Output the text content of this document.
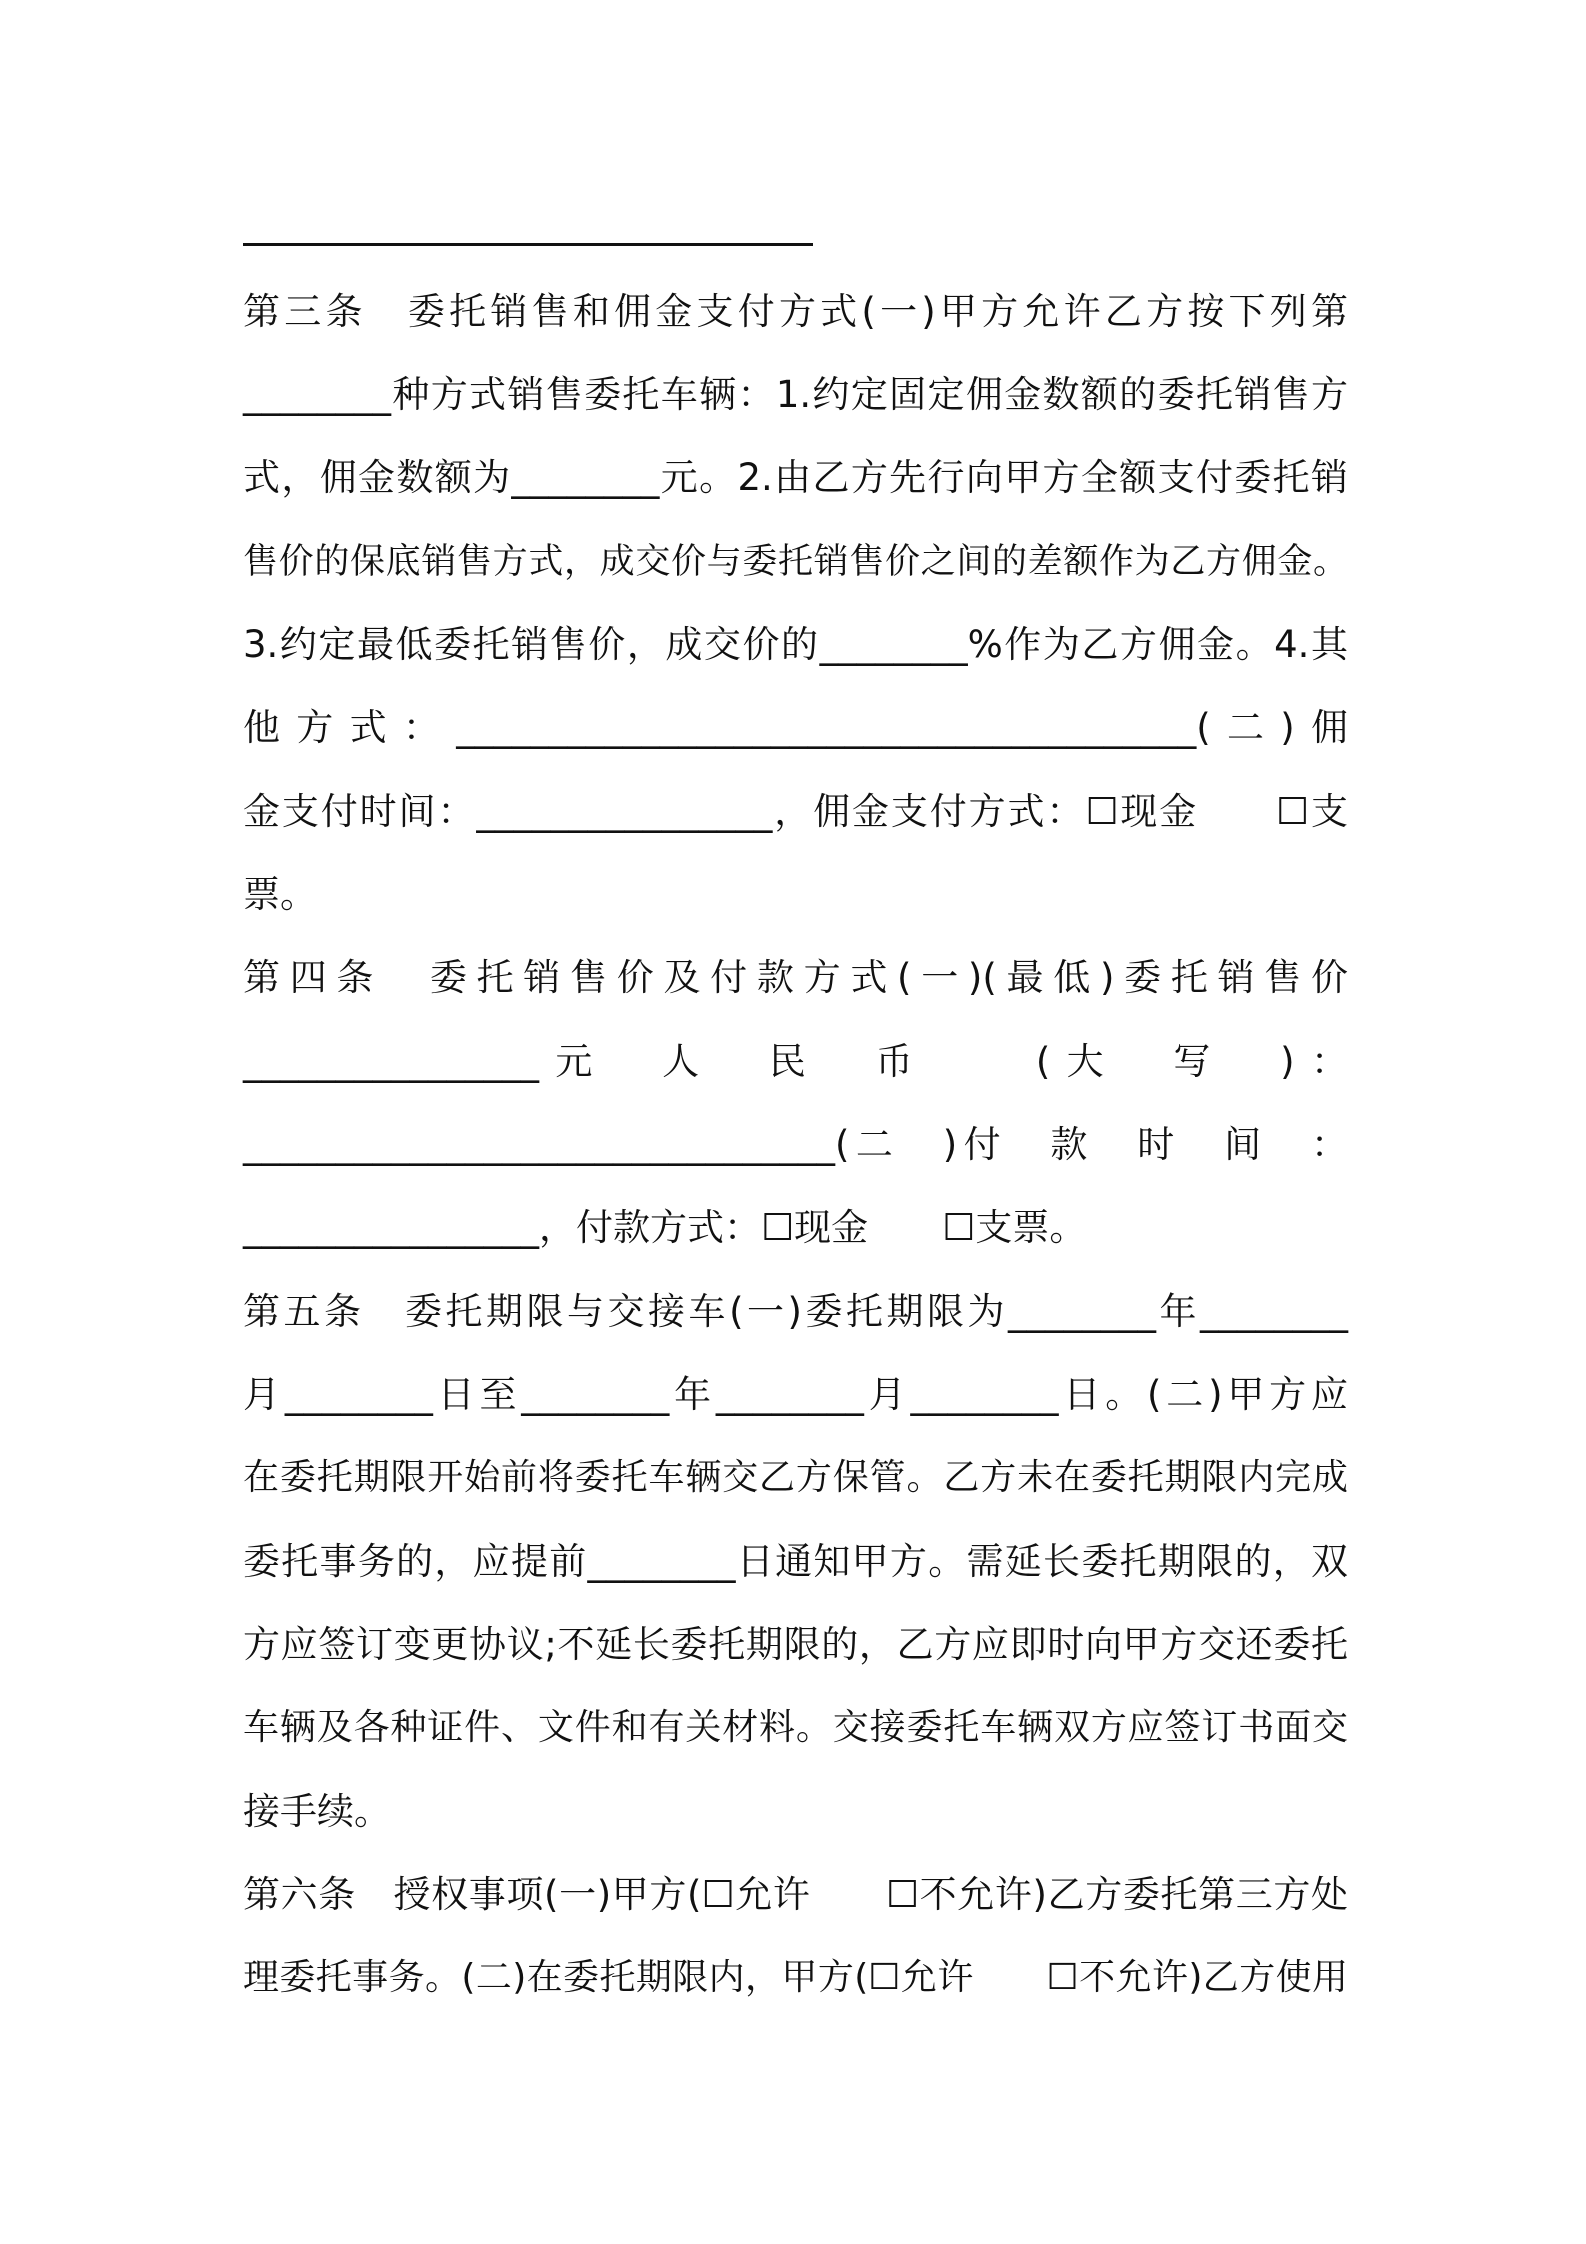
第三条　委托销售和佣金支付方式(一)甲方允许乙方按下列第
________种方式销售委托车辆：1.约定固定佣金数额的委托销售方
式，佣金数额为________元。2.由乙方先行向甲方全额支付委托销
售价的保底销售方式，成交价与委托销售价之间的差额作为乙方佣金。
3.约定最低委托销售价，成交价的________%作为乙方佣金。4.其
他方式：________________________________________(二)佣
金支付时间：________________，佣金支付方式：☐现金　　☐支
票。
第四条　委托销售价及付款方式(一)(最低)委托销售价
________________元　人　民　币　　(大　写　)：
________________________________(二　)付　款　时　间　：
________________，付款方式：☐现金　　☐支票。
第五条　委托期限与交接车(一)委托期限为________年________
月________日至________年________月________日。(二)甲方应
在委托期限开始前将委托车辆交乙方保管。乙方未在委托期限内完成
委托事务的，应提前________日通知甲方。需延长委托期限的，双
方应签订变更协议;不延长委托期限的，乙方应即时向甲方交还委托
车辆及各种证件、文件和有关材料。交接委托车辆双方应签订书面交
接手续。
第六条　授权事项(一)甲方(☐允许　　☐不允许)乙方委托第三方处
理委托事务。(二)在委托期限内，甲方(☐允许　　☐不允许)乙方使用
